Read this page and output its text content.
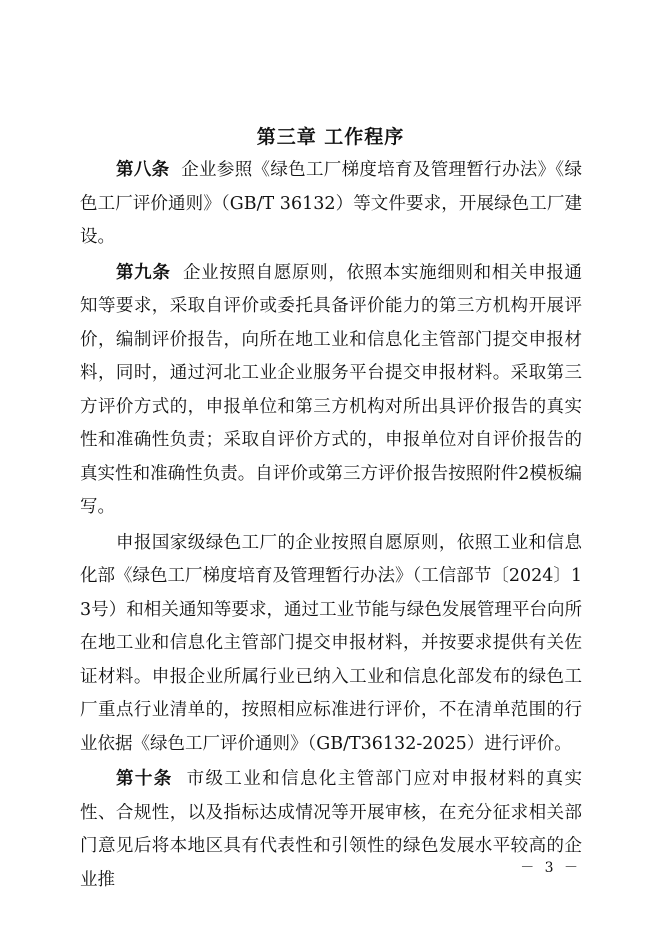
第三章 工作程序

第八条 企业参照《绿色工厂梯度培育及管理暂行办法》《绿色工厂评价通则》（GB/T 36132）等文件要求，开展绿色工厂建设。

第九条 企业按照自愿原则，依照本实施细则和相关申报通知等要求，采取自评价或委托具备评价能力的第三方机构开展评价，编制评价报告，向所在地工业和信息化主管部门提交申报材料，同时，通过河北工业企业服务平台提交申报材料。采取第三方评价方式的，申报单位和第三方机构对所出具评价报告的真实性和准确性负责；采取自评价方式的，申报单位对自评价报告的真实性和准确性负责。自评价或第三方评价报告按照附件2模板编写。

申报国家级绿色工厂的企业按照自愿原则，依照工业和信息化部《绿色工厂梯度培育及管理暂行办法》（工信部节〔2024〕13号）和相关通知等要求，通过工业节能与绿色发展管理平台向所在地工业和信息化主管部门提交申报材料，并按要求提供有关佐证材料。申报企业所属行业已纳入工业和信息化部发布的绿色工厂重点行业清单的，按照相应标准进行评价，不在清单范围的行业依据《绿色工厂评价通则》（GB/T36132-2025）进行评价。

第十条 市级工业和信息化主管部门应对申报材料的真实性、合规性，以及指标达成情况等开展审核，在充分征求相关部门意见后将本地区具有代表性和引领性的绿色发展水平较高的企业推

－ 3 －
